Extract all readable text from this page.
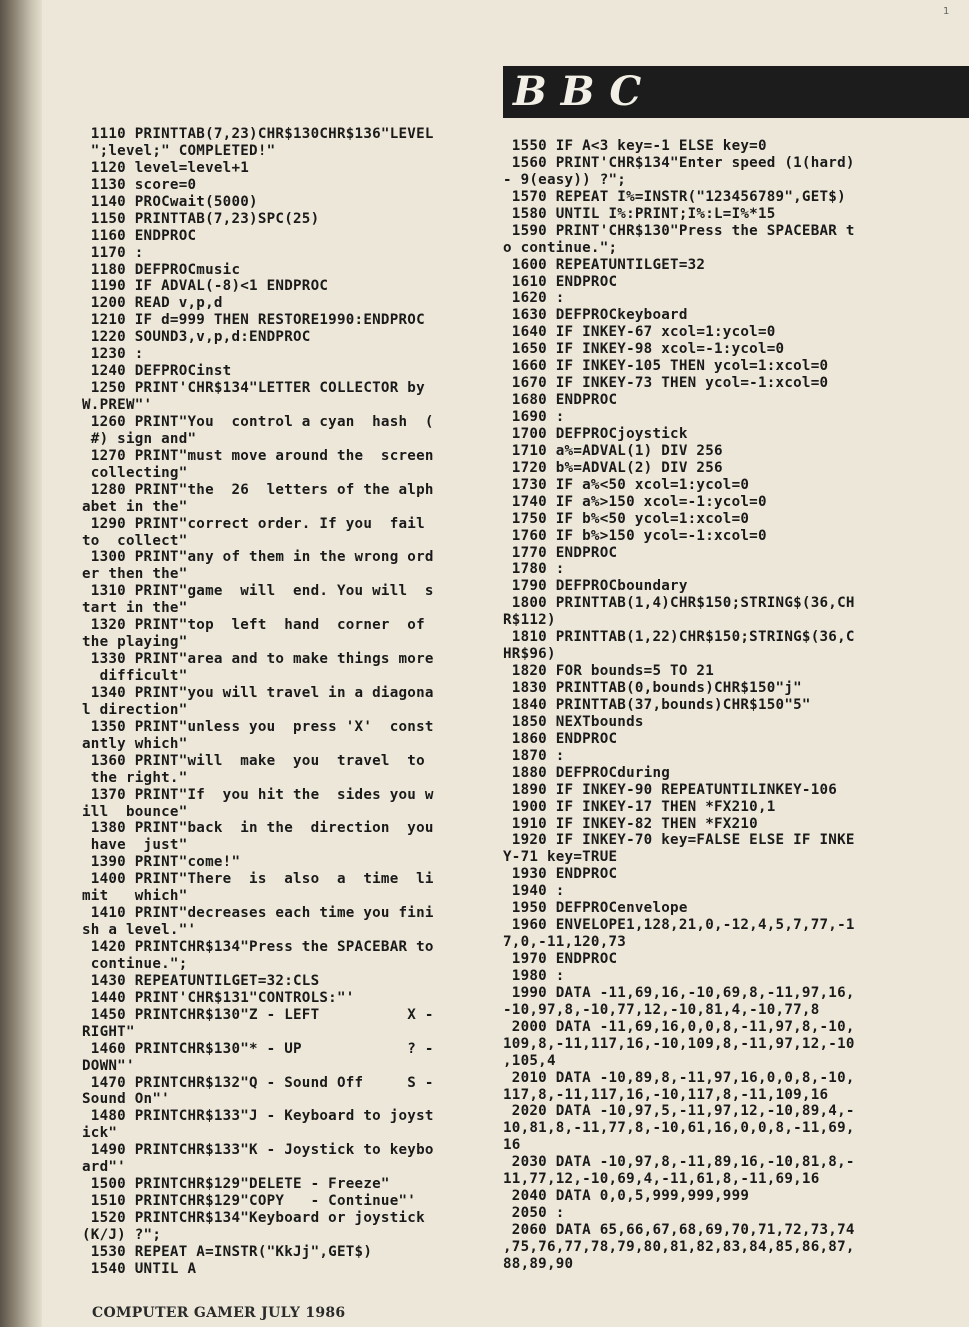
1
BBC
1110 PRINTTAB(7,23)CHR$130CHR$136"LEVEL
";level;" COMPLETED!"
1120 level=level+1
1130 score=0
1140 PROCwait(5000)
1150 PRINTTAB(7,23)SPC(25)
1160 ENDPROC
1170 :
1180 DEFPROCmusic
1190 IF ADVAL(-8)<1 ENDPROC
1200 READ v,p,d
1210 IF d=999 THEN RESTORE1990:ENDPROC
1220 SOUND3,v,p,d:ENDPROC
1230 :
1240 DEFPROCinst
1250 PRINT'CHR$134"LETTER COLLECTOR by
W.PREW"'
1260 PRINT"You  control a cyan  hash  (
#) sign and"
1270 PRINT"must move around the  screen
collecting"
1280 PRINT"the  26  letters of the alph
abet in the"
1290 PRINT"correct order. If you  fail
to  collect"
1300 PRINT"any of them in the wrong ord
er then the"
1310 PRINT"game  will  end. You will  s
tart in the"
1320 PRINT"top  left  hand  corner  of
the playing"
1330 PRINT"area and to make things more
difficult"
1340 PRINT"you will travel in a diagona
l direction"
1350 PRINT"unless you  press 'X'  const
antly which"
1360 PRINT"will  make  you  travel  to
the right."
1370 PRINT"If  you hit the  sides you w
ill  bounce"
1380 PRINT"back  in the  direction  you
have  just"
1390 PRINT"come!"
1400 PRINT"There  is  also  a  time  li
mit   which"
1410 PRINT"decreases each time you fini
sh a level."'
1420 PRINTCHR$134"Press the SPACEBAR to
continue.";
1430 REPEATUNTILGET=32:CLS
1440 PRINT'CHR$131"CONTROLS:"'
1450 PRINTCHR$130"Z - LEFT          X -
RIGHT"
1460 PRINTCHR$130"* - UP            ? -
DOWN"'
1470 PRINTCHR$132"Q - Sound Off     S -
Sound On"'
1480 PRINTCHR$133"J - Keyboard to joyst
ick"
1490 PRINTCHR$133"K - Joystick to keybo
ard"'
1500 PRINTCHR$129"DELETE - Freeze"
1510 PRINTCHR$129"COPY   - Continue"'
1520 PRINTCHR$134"Keyboard or joystick
(K/J) ?";
1530 REPEAT A=INSTR("KkJj",GET$)
1540 UNTIL A
1550 IF A<3 key=-1 ELSE key=0
1560 PRINT'CHR$134"Enter speed (1(hard)
- 9(easy)) ?";
1570 REPEAT I%=INSTR("123456789",GET$)
1580 UNTIL I%:PRINT;I%:L=I%*15
1590 PRINT'CHR$130"Press the SPACEBAR t
o continue.";
1600 REPEATUNTILGET=32
1610 ENDPROC
1620 :
1630 DEFPROCkeyboard
1640 IF INKEY-67 xcol=1:ycol=0
1650 IF INKEY-98 xcol=-1:ycol=0
1660 IF INKEY-105 THEN ycol=1:xcol=0
1670 IF INKEY-73 THEN ycol=-1:xcol=0
1680 ENDPROC
1690 :
1700 DEFPROCjoystick
1710 a%=ADVAL(1) DIV 256
1720 b%=ADVAL(2) DIV 256
1730 IF a%<50 xcol=1:ycol=0
1740 IF a%>150 xcol=-1:ycol=0
1750 IF b%<50 ycol=1:xcol=0
1760 IF b%>150 ycol=-1:xcol=0
1770 ENDPROC
1780 :
1790 DEFPROCboundary
1800 PRINTTAB(1,4)CHR$150;STRING$(36,CH
R$112)
1810 PRINTTAB(1,22)CHR$150;STRING$(36,C
HR$96)
1820 FOR bounds=5 TO 21
1830 PRINTTAB(0,bounds)CHR$150"j"
1840 PRINTTAB(37,bounds)CHR$150"5"
1850 NEXTbounds
1860 ENDPROC
1870 :
1880 DEFPROCduring
1890 IF INKEY-90 REPEATUNTILINKEY-106
1900 IF INKEY-17 THEN *FX210,1
1910 IF INKEY-82 THEN *FX210
1920 IF INKEY-70 key=FALSE ELSE IF INKE
Y-71 key=TRUE
1930 ENDPROC
1940 :
1950 DEFPROCenvelope
1960 ENVELOPE1,128,21,0,-12,4,5,7,77,-1
7,0,-11,120,73
1970 ENDPROC
1980 :
1990 DATA -11,69,16,-10,69,8,-11,97,16,
-10,97,8,-10,77,12,-10,81,4,-10,77,8
2000 DATA -11,69,16,0,0,8,-11,97,8,-10,
109,8,-11,117,16,-10,109,8,-11,97,12,-10
,105,4
2010 DATA -10,89,8,-11,97,16,0,0,8,-10,
117,8,-11,117,16,-10,117,8,-11,109,16
2020 DATA -10,97,5,-11,97,12,-10,89,4,-
10,81,8,-11,77,8,-10,61,16,0,0,8,-11,69,
16
2030 DATA -10,97,8,-11,89,16,-10,81,8,-
11,77,12,-10,69,4,-11,61,8,-11,69,16
2040 DATA 0,0,5,999,999,999
2050 :
2060 DATA 65,66,67,68,69,70,71,72,73,74
,75,76,77,78,79,80,81,82,83,84,85,86,87,
88,89,90
COMPUTER GAMER JULY 1986
